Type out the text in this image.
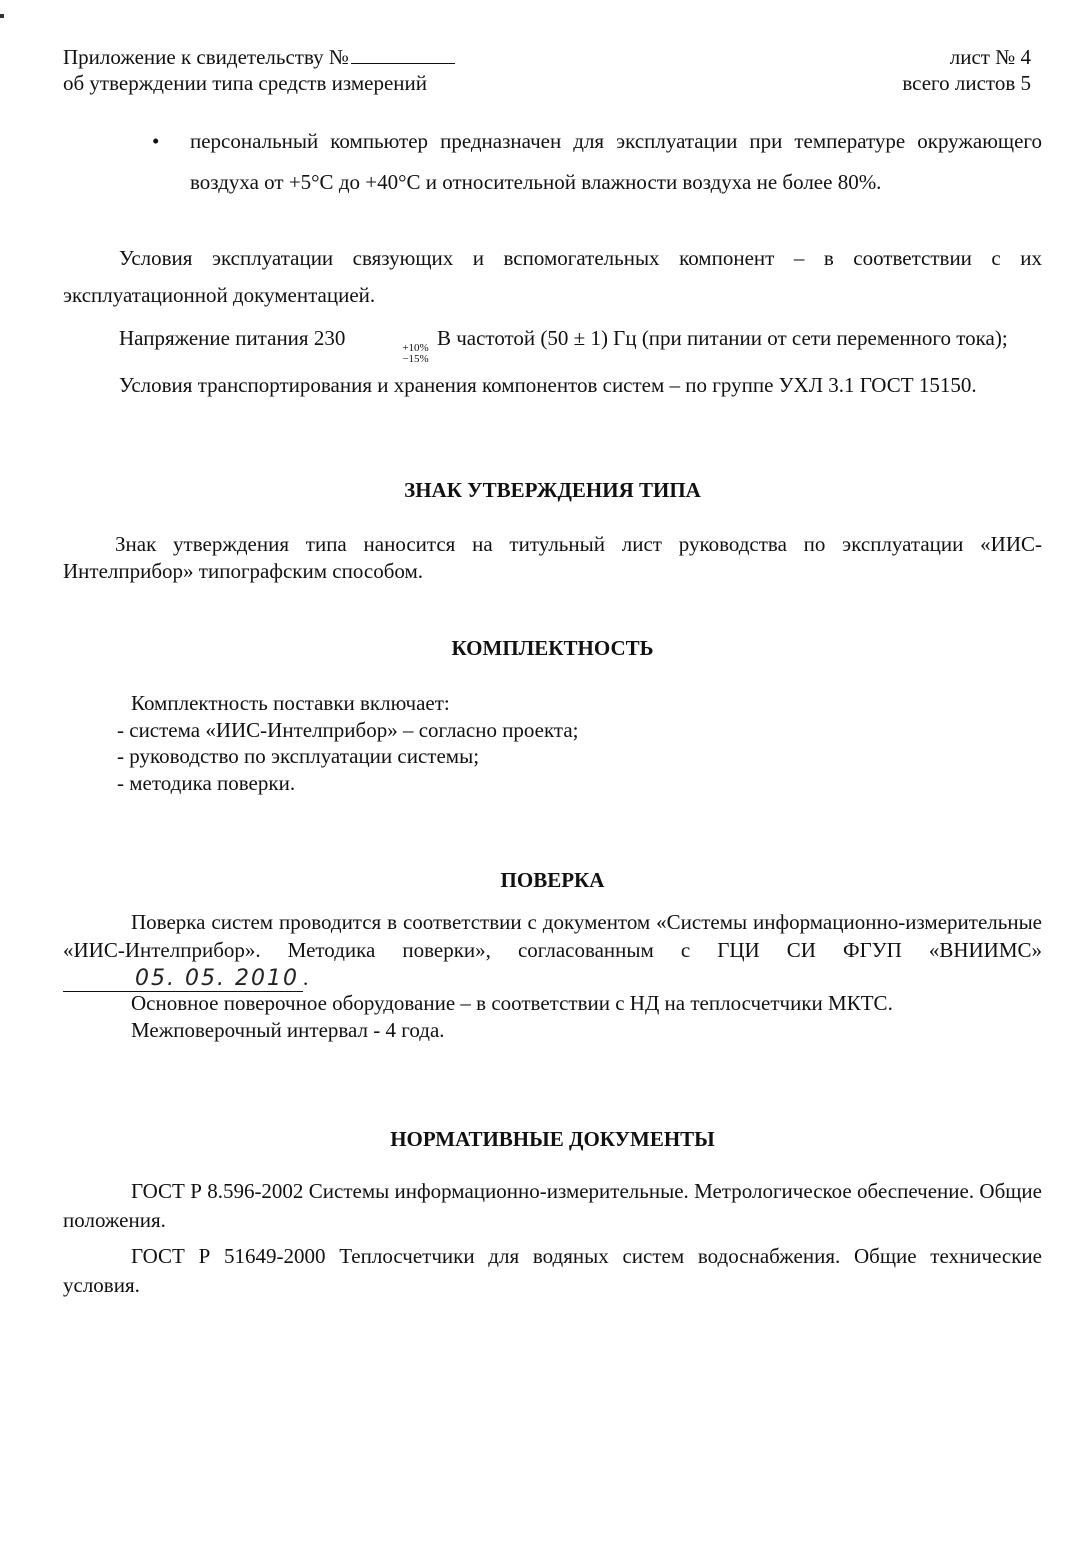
Приложение к свидетельству №
об утверждении типа средств измерений
лист № 4
всего листов 5
• персональный компьютер предназначен для эксплуатации при температуре окружающего воздуха от +5°С до +40°С и относительной влажности воздуха не более 80%.
Условия эксплуатации связующих и вспомогательных компонент – в соответствии с их эксплуатационной документацией.
Напряжение питания 230	+10%
−15%
В частотой (50 ± 1) Гц (при питании от сети переменного тока);
Условия транспортирования и хранения компонентов систем – по группе УХЛ 3.1 ГОСТ 15150.
ЗНАК УТВЕРЖДЕНИЯ ТИПА
Знак утверждения типа наносится на титульный лист руководства по эксплуатации «ИИС-Интелприбор» типографским способом.
КОМПЛЕКТНОСТЬ
Комплектность поставки включает:
- система «ИИС-Интелприбор» – согласно проекта;
- руководство по эксплуатации системы;
- методика поверки.
ПОВЕРКА
Поверка систем проводится в соответствии с документом «Системы информационно-измерительные «ИИС-Интелприбор». Методика поверки», согласованным с ГЦИ СИ ФГУП «ВНИИМС» 05. 05. 2010 .
Основное поверочное оборудование – в соответствии с НД на теплосчетчики МКТС.
Межповерочный интервал - 4 года.
НОРМАТИВНЫЕ ДОКУМЕНТЫ
ГОСТ Р 8.596-2002 Системы информационно-измерительные. Метрологическое обеспечение. Общие положения.
ГОСТ Р 51649-2000 Теплосчетчики для водяных систем водоснабжения. Общие технические условия.
